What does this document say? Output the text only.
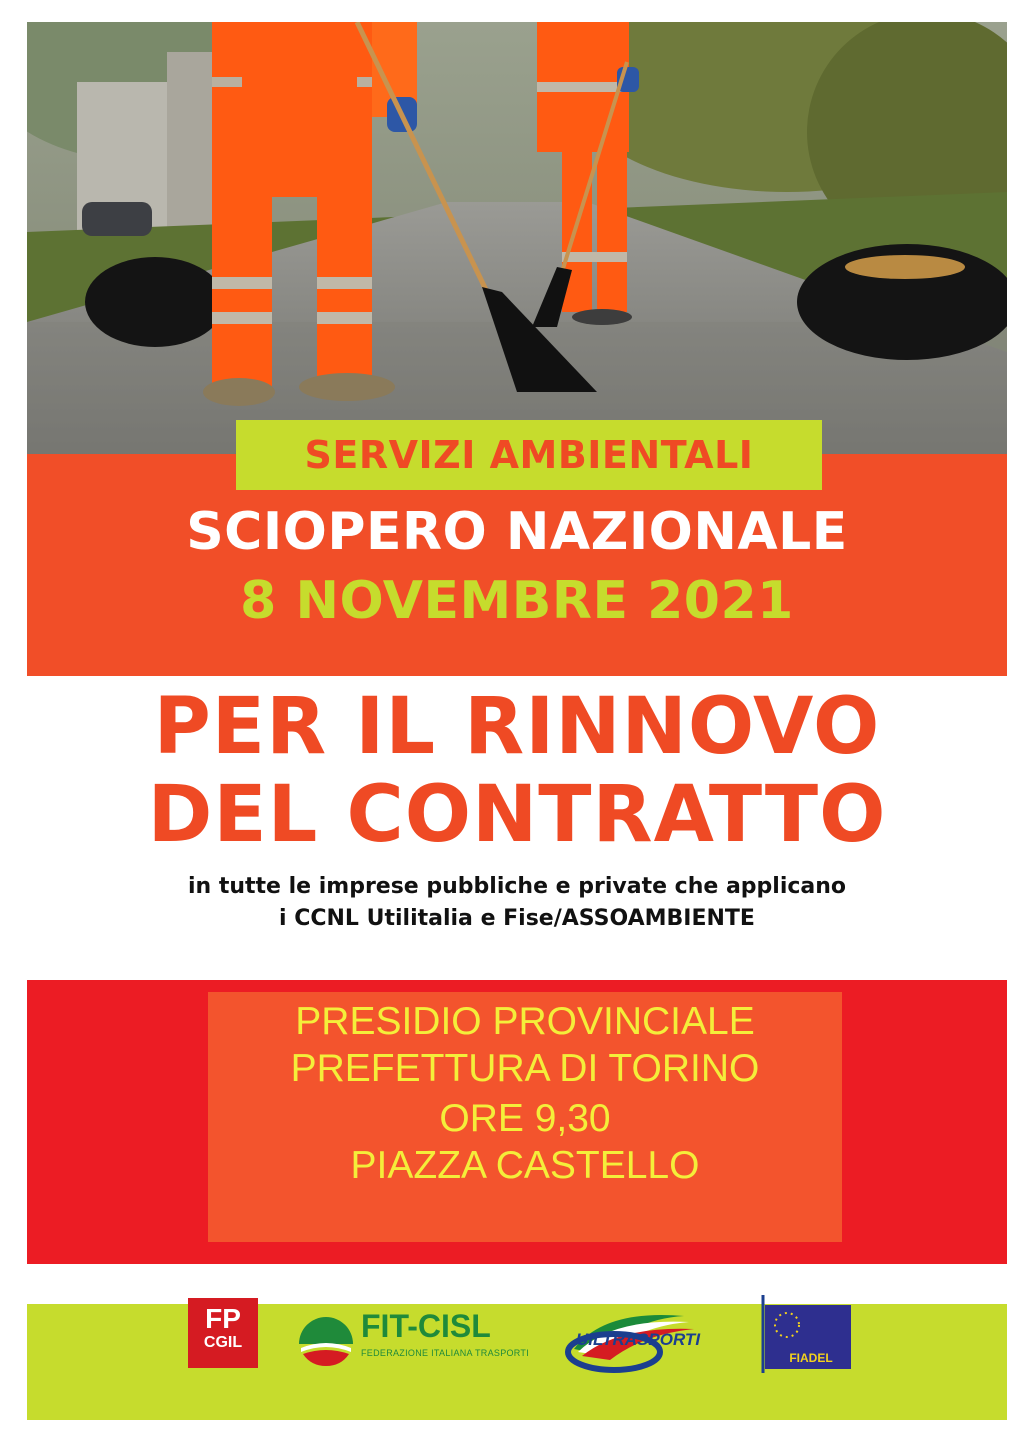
SERVIZI AMBIENTALI
SCIOPERO NAZIONALE
8 NOVEMBRE 2021
PER IL RINNOVO
DEL CONTRATTO
in tutte le imprese pubbliche e private che applicano
i CCNL Utilitalia e Fise/ASSOAMBIENTE
PRESIDIO PROVINCIALE
PREFETTURA DI TORINO
ORE 9,30
PIAZZA CASTELLO
FP
CGIL	FIT-CISL
FEDERAZIONE ITALIANA TRASPORTI
UILTRASPORTI
FIADEL
